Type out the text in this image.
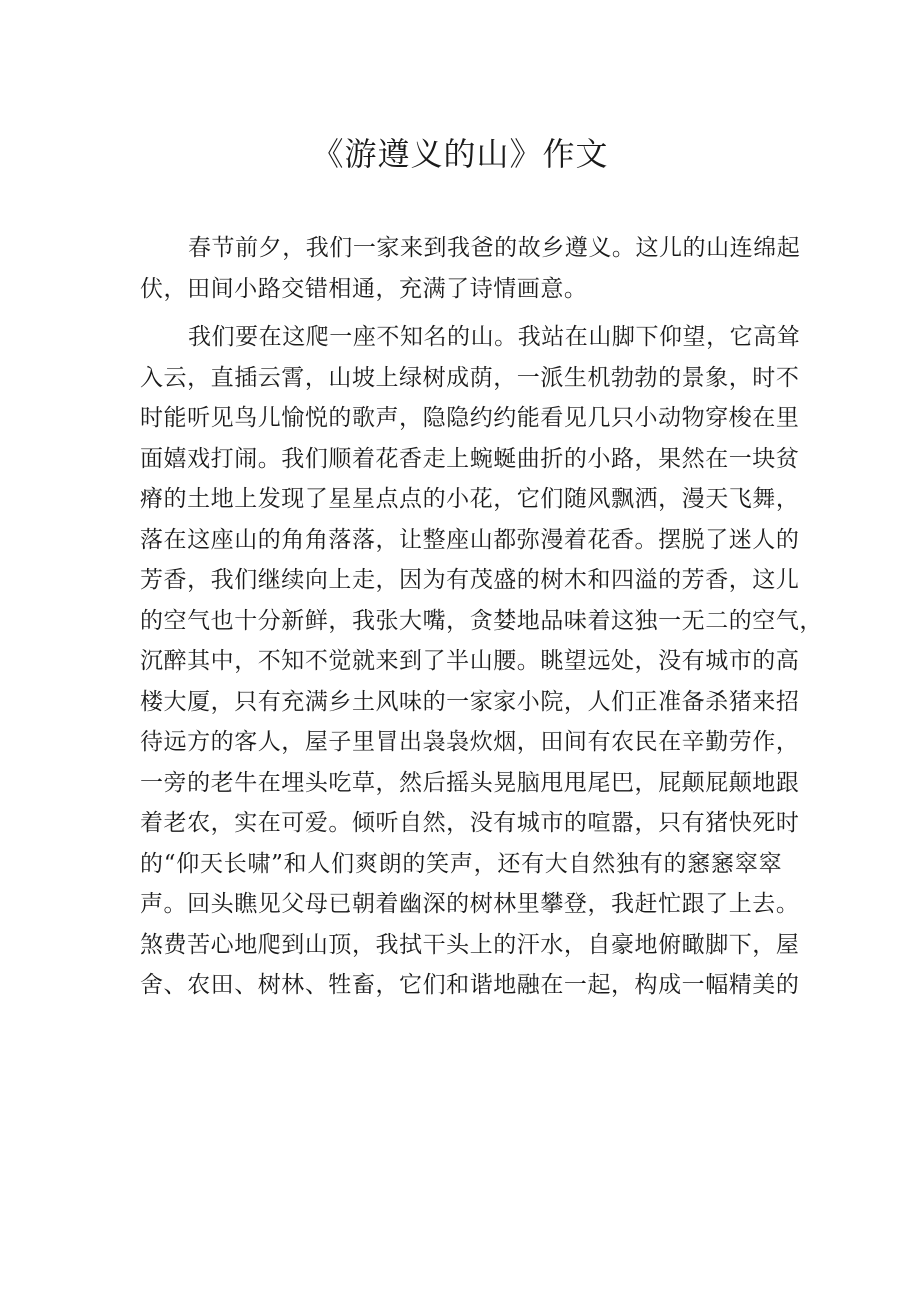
《游遵义的山》作文

春节前夕，我们一家来到我爸的故乡遵义。这儿的山连绵起
伏，田间小路交错相通，充满了诗情画意。

我们要在这爬一座不知名的山。我站在山脚下仰望，它高耸
入云，直插云霄，山坡上绿树成荫，一派生机勃勃的景象，时不
时能听见鸟儿愉悦的歌声，隐隐约约能看见几只小动物穿梭在里
面嬉戏打闹。我们顺着花香走上蜿蜒曲折的小路，果然在一块贫
瘠的土地上发现了星星点点的小花，它们随风飘洒，漫天飞舞，
落在这座山的角角落落，让整座山都弥漫着花香。摆脱了迷人的
芳香，我们继续向上走，因为有茂盛的树木和四溢的芳香，这儿
的空气也十分新鲜，我张大嘴，贪婪地品味着这独一无二的空气，
沉醉其中，不知不觉就来到了半山腰。眺望远处，没有城市的高
楼大厦，只有充满乡土风味的一家家小院，人们正准备杀猪来招
待远方的客人，屋子里冒出袅袅炊烟，田间有农民在辛勤劳作，
一旁的老牛在埋头吃草，然后摇头晃脑甩甩尾巴，屁颠屁颠地跟
着老农，实在可爱。倾听自然，没有城市的喧嚣，只有猪快死时
的“仰天长啸”和人们爽朗的笑声，还有大自然独有的窸窸窣窣
声。回头瞧见父母已朝着幽深的树林里攀登，我赶忙跟了上去。
煞费苦心地爬到山顶，我拭干头上的汗水，自豪地俯瞰脚下，屋
舍、农田、树林、牲畜，它们和谐地融在一起，构成一幅精美的
